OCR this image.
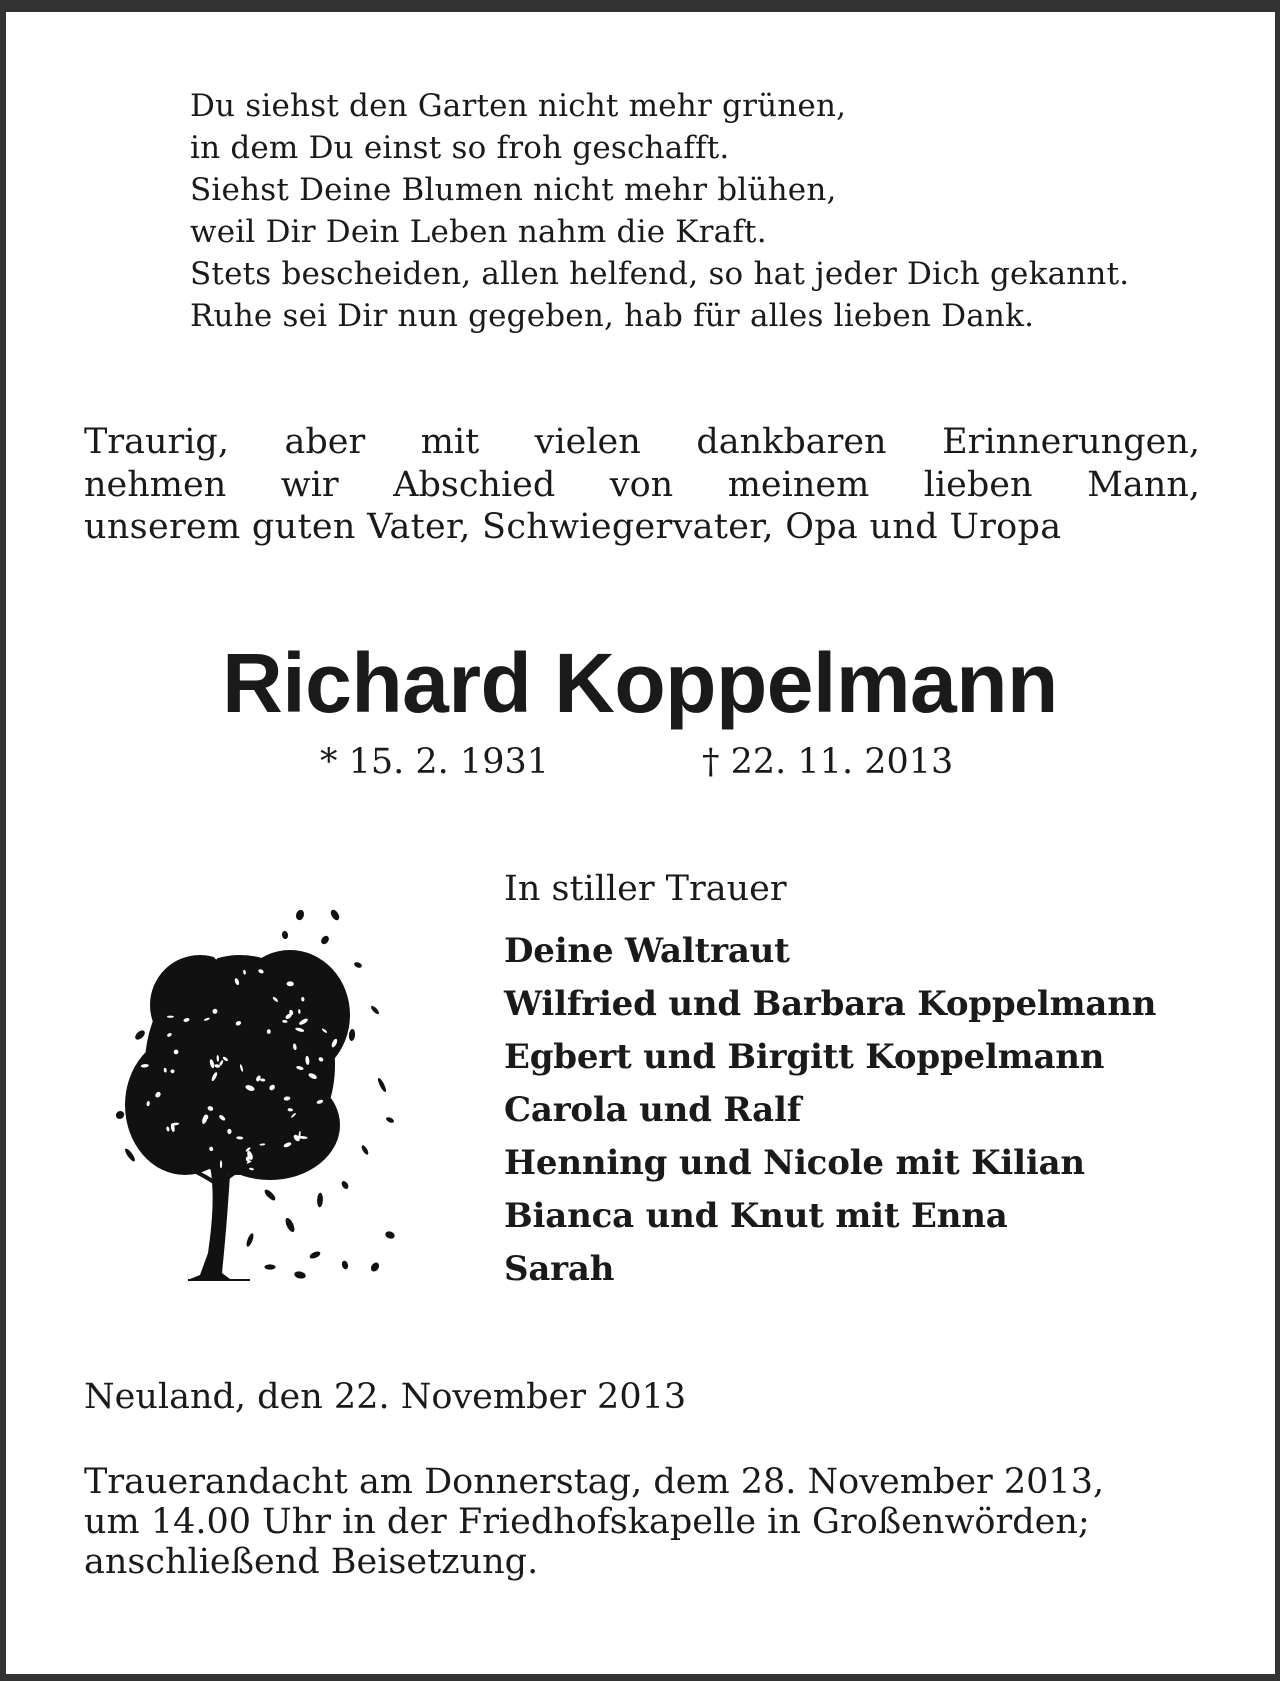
Du siehst den Garten nicht mehr grünen,
in dem Du einst so froh geschafft.
Siehst Deine Blumen nicht mehr blühen,
weil Dir Dein Leben nahm die Kraft.
Stets bescheiden, allen helfend, so hat jeder Dich gekannt.
Ruhe sei Dir nun gegeben, hab für alles lieben Dank.
Traurig, aber mit vielen dankbaren Erinnerungen,
nehmen wir Abschied von meinem lieben Mann,
unserem guten Vater, Schwiegervater, Opa und Uropa
Richard Koppelmann
* 15. 2. 1931	† 22. 11. 2013
In stiller Trauer
Deine Waltraut
Wilfried und Barbara Koppelmann
Egbert und Birgitt Koppelmann
Carola und Ralf
Henning und Nicole mit Kilian
Bianca und Knut mit Enna
Sarah
Neuland, den 22. November 2013
Trauerandacht am Donnerstag, dem 28. November 2013,
um 14.00 Uhr in der Friedhofskapelle in Großenwörden;
anschließend Beisetzung.
